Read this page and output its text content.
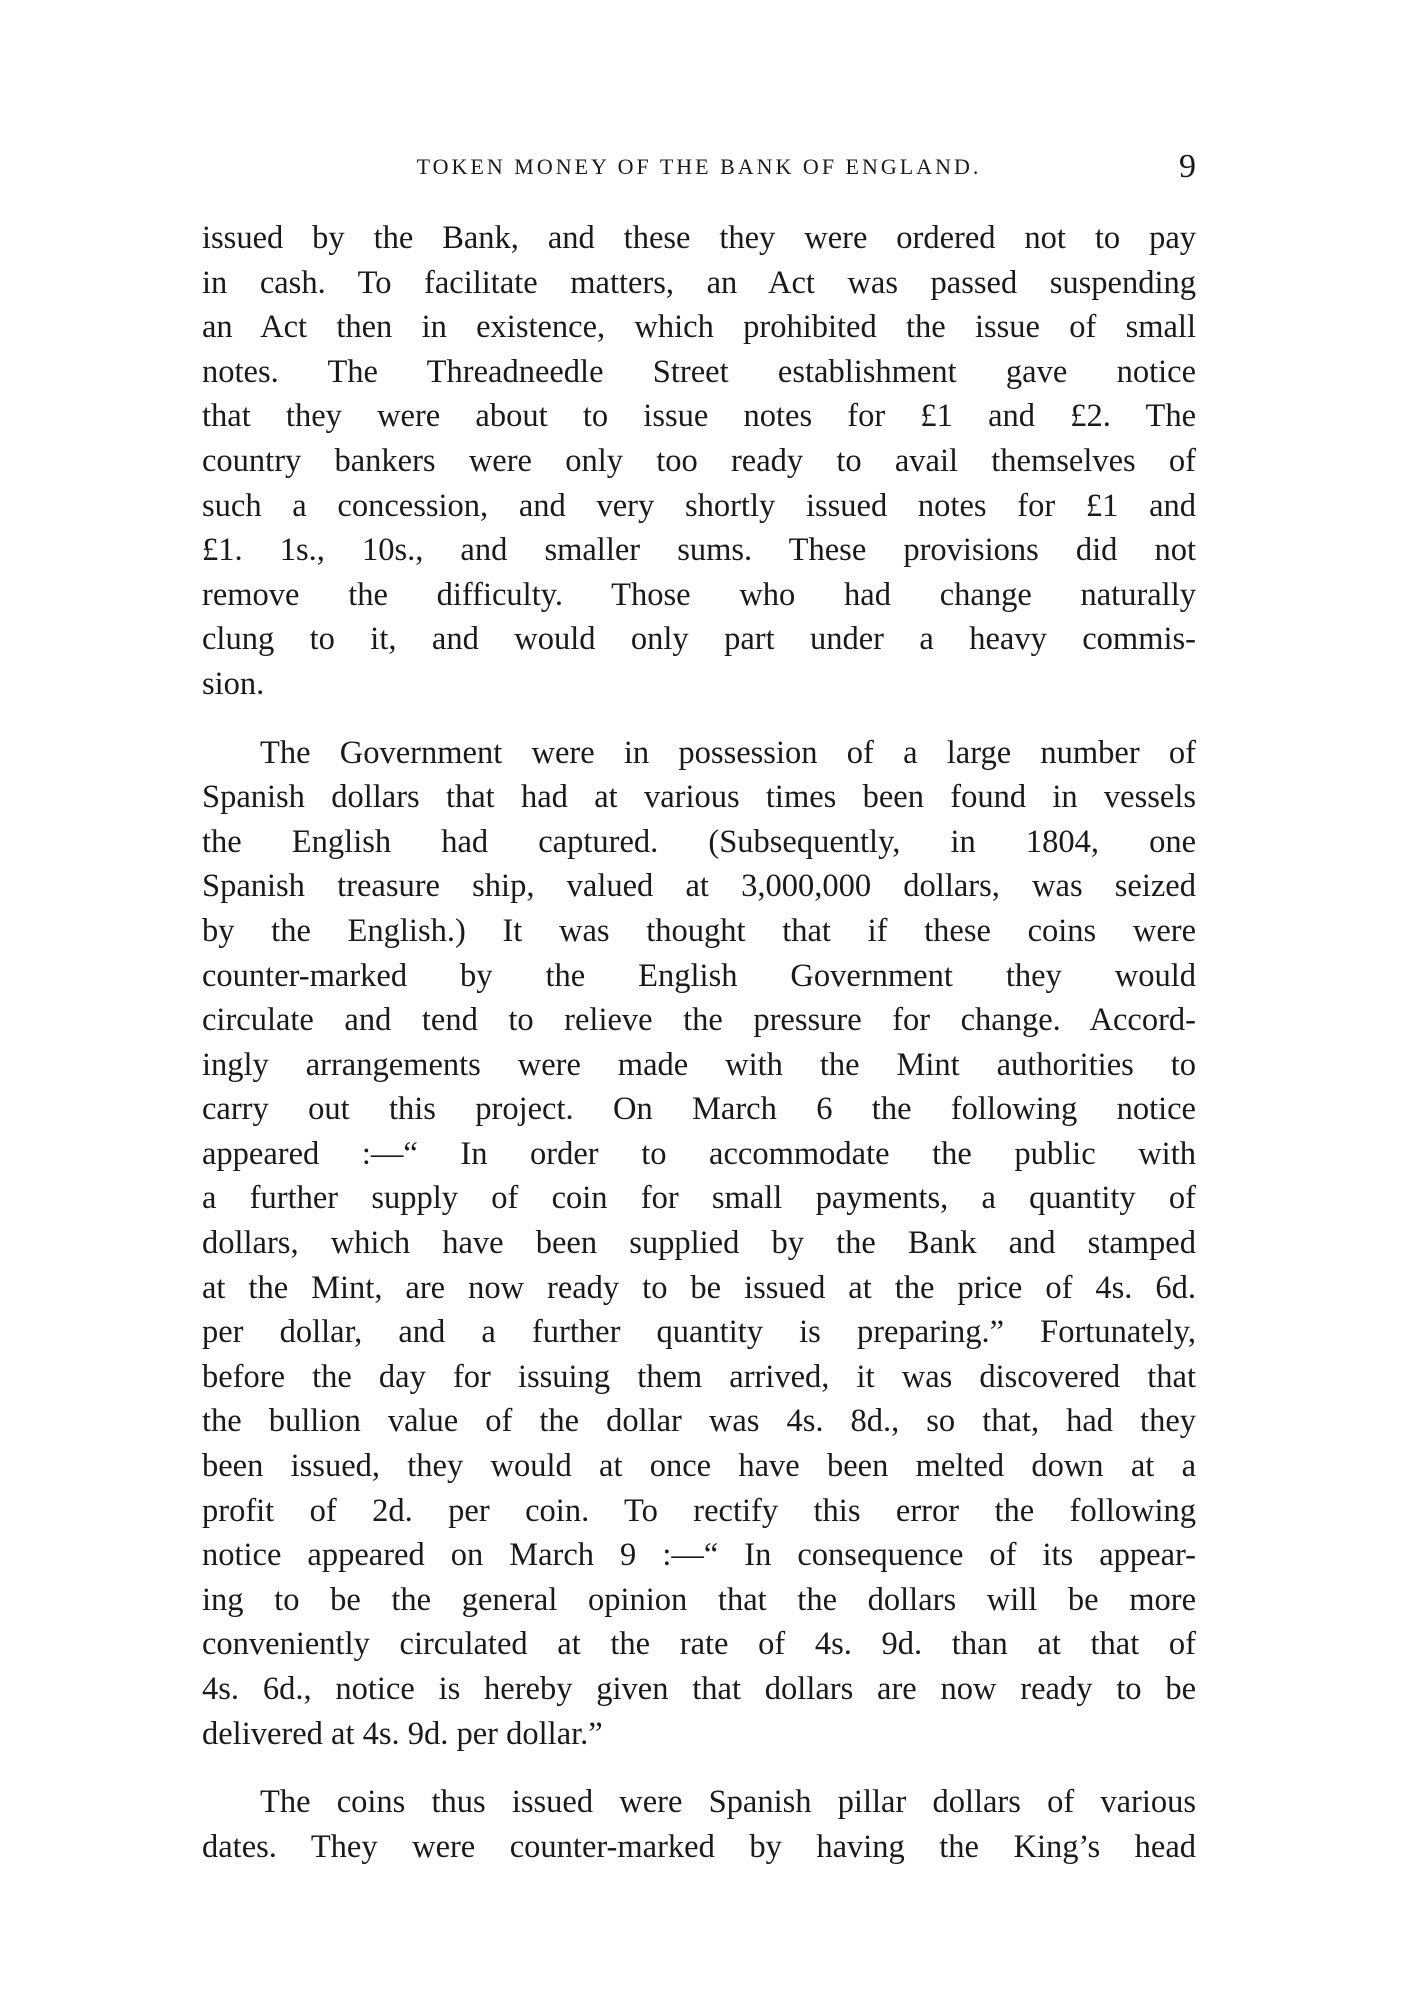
TOKEN MONEY OF THE BANK OF ENGLAND.	9

issued by the Bank, and these they were ordered not to pay
in cash. To facilitate matters, an Act was passed suspending
an Act then in existence, which prohibited the issue of small
notes. The Threadneedle Street establishment gave notice
that they were about to issue notes for £1 and £2. The
country bankers were only too ready to avail themselves of
such a concession, and very shortly issued notes for £1 and
£1. 1s., 10s., and smaller sums. These provisions did not
remove the difficulty. Those who had change naturally
clung to it, and would only part under a heavy commis-
sion.

The Government were in possession of a large number of
Spanish dollars that had at various times been found in vessels
the English had captured. (Subsequently, in 1804, one
Spanish treasure ship, valued at 3,000,000 dollars, was seized
by the English.) It was thought that if these coins were
counter-marked by the English Government they would
circulate and tend to relieve the pressure for change. Accord-
ingly arrangements were made with the Mint authorities to
carry out this project. On March 6 the following notice
appeared :—“ In order to accommodate the public with
a further supply of coin for small payments, a quantity of
dollars, which have been supplied by the Bank and stamped
at the Mint, are now ready to be issued at the price of 4s. 6d.
per dollar, and a further quantity is preparing.” Fortunately,
before the day for issuing them arrived, it was discovered that
the bullion value of the dollar was 4s. 8d., so that, had they
been issued, they would at once have been melted down at a
profit of 2d. per coin. To rectify this error the following
notice appeared on March 9 :—“ In consequence of its appear-
ing to be the general opinion that the dollars will be more
conveniently circulated at the rate of 4s. 9d. than at that of
4s. 6d., notice is hereby given that dollars are now ready to be
delivered at 4s. 9d. per dollar.”

The coins thus issued were Spanish pillar dollars of various
dates. They were counter-marked by having the King’s head
